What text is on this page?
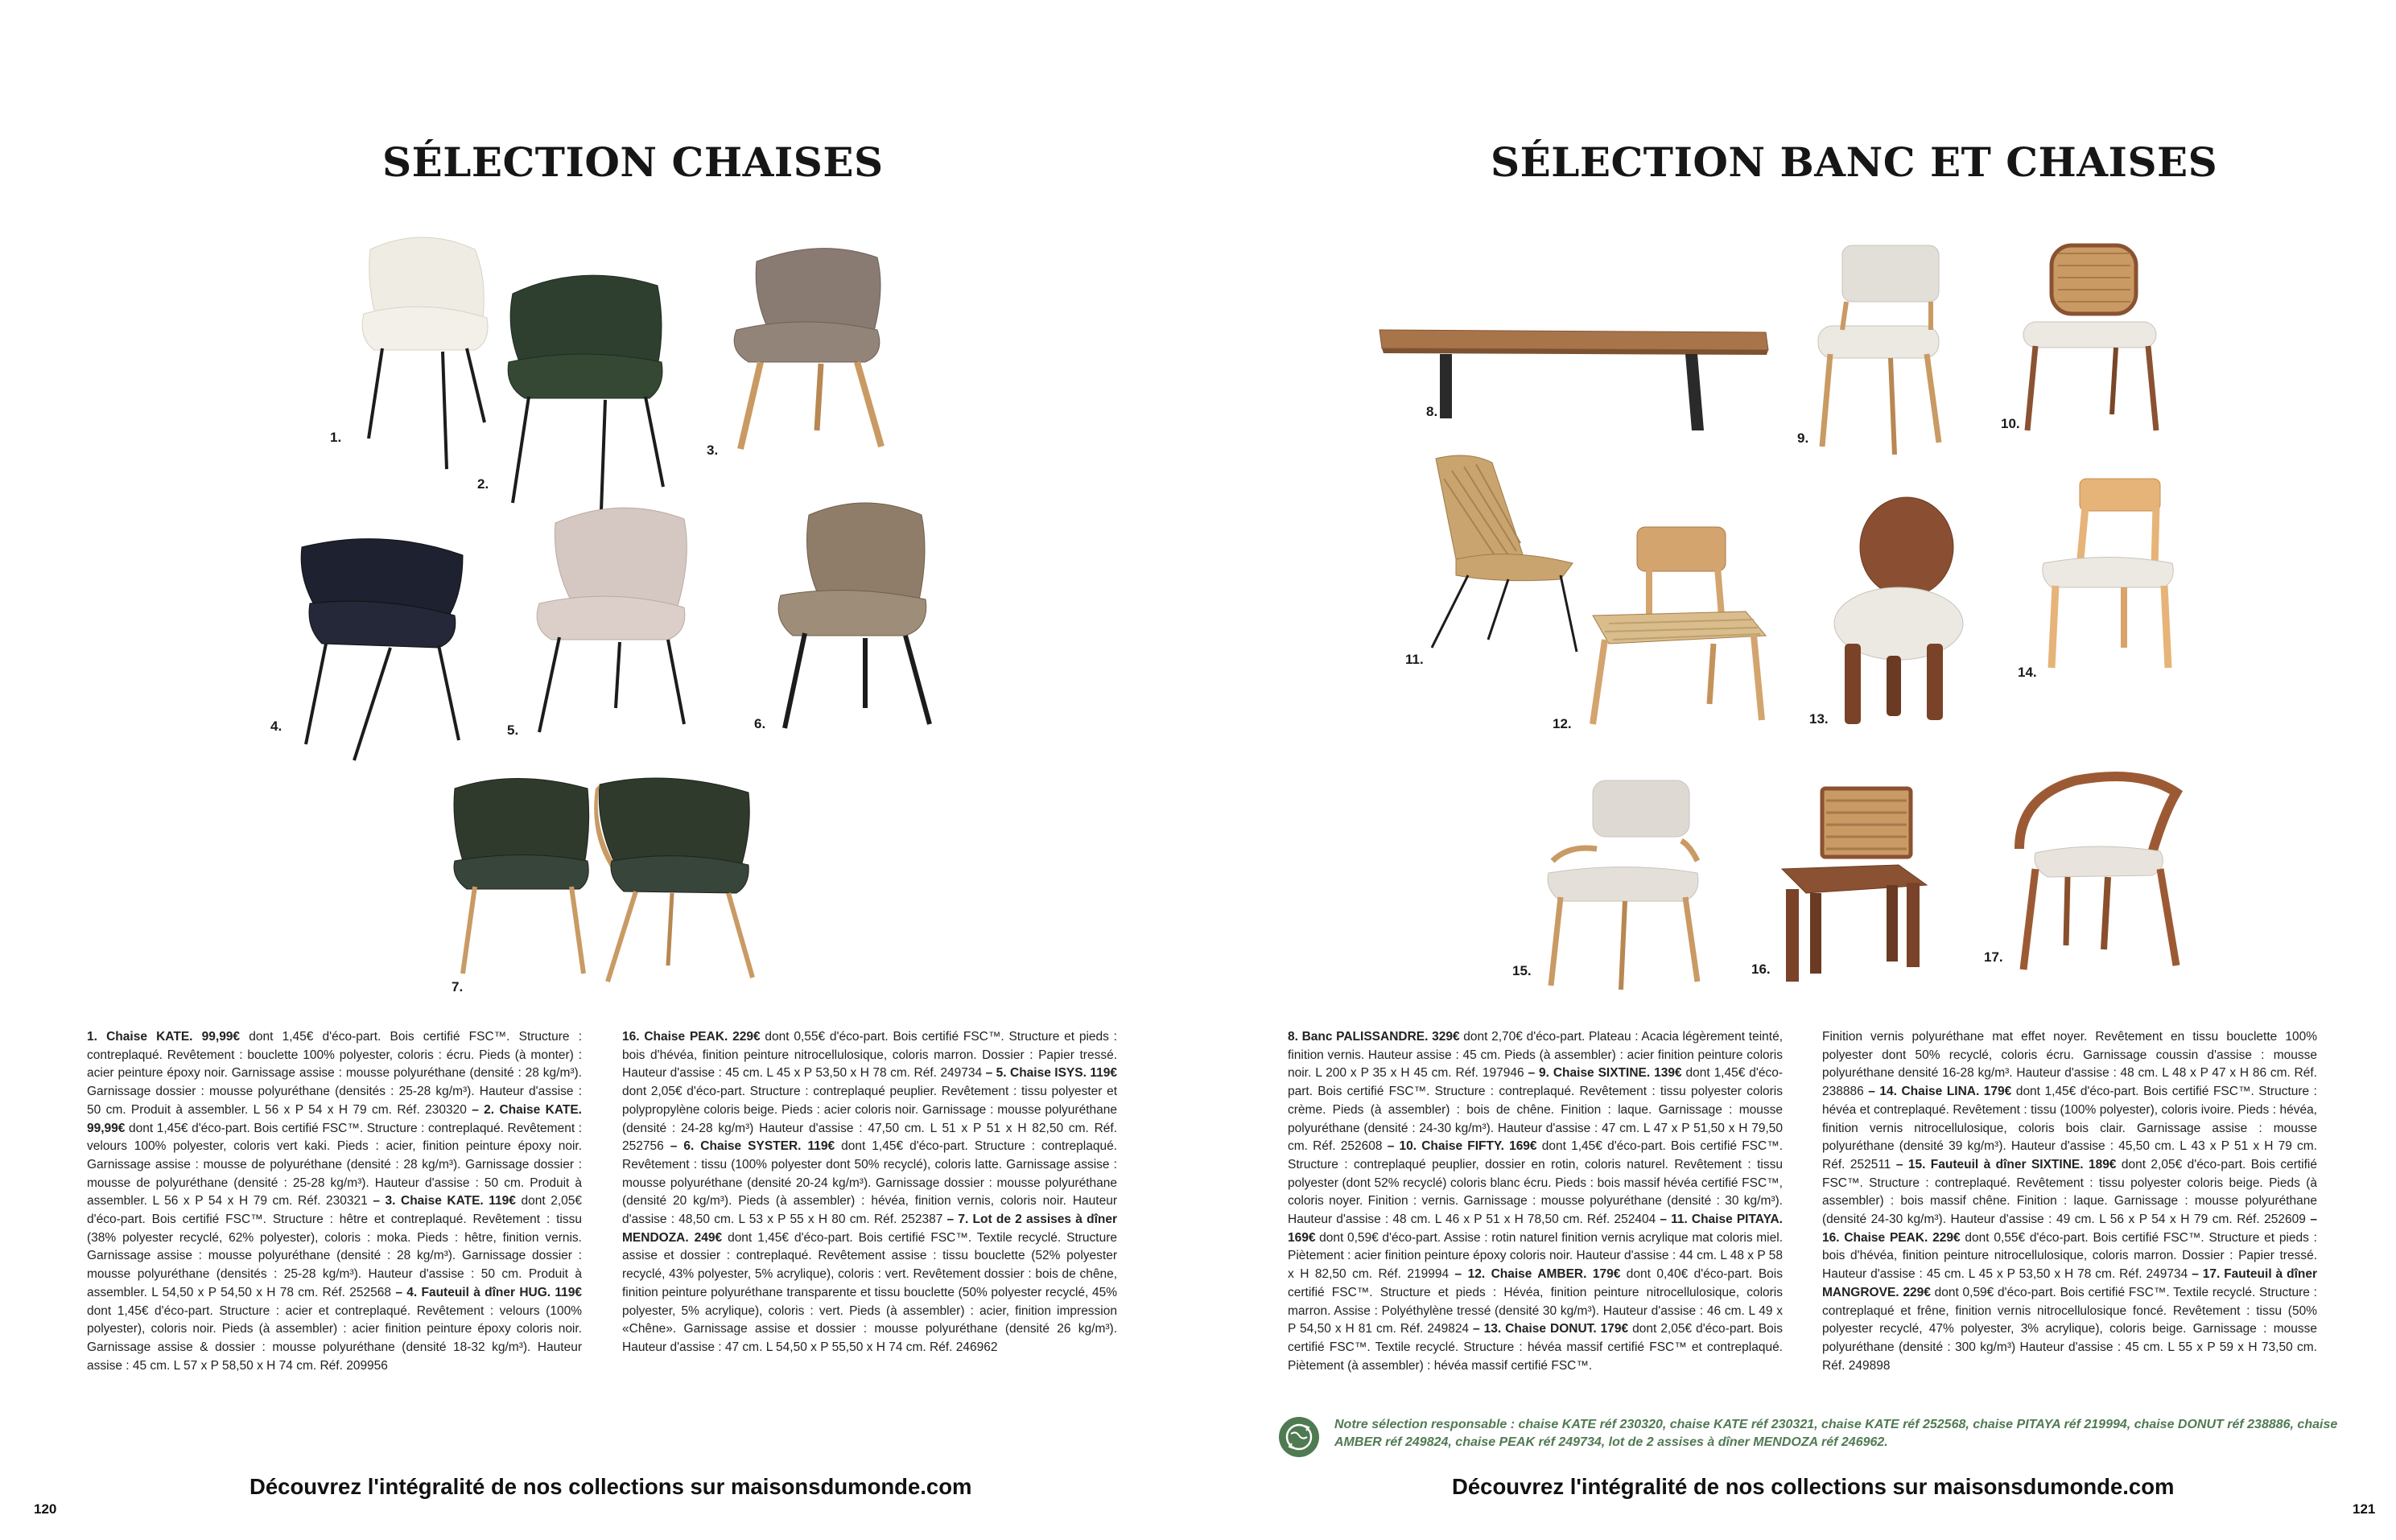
SÉLECTION CHAISES
1.
2.
3.
4.	5.	6.
7.

1. Chaise KATE. 99,99€ dont 1,45€ d'éco-part. Bois certifié FSC™. Structure : contreplaqué. Revêtement : bouclette 100% polyester, coloris : écru. Pieds (à monter) : acier peinture époxy noir. Garnissage assise : mousse polyuréthane (densité : 28 kg/m³). Garnissage dossier : mousse polyuréthane (densités : 25-28 kg/m³). Hauteur d'assise : 50 cm. Produit à assembler. L 56 x P 54 x H 79 cm. Réf. 230320 – 2. Chaise KATE. 99,99€ dont 1,45€ d'éco-part. Bois certifié FSC™. Structure : contreplaqué. Revêtement : velours 100% polyester, coloris vert kaki. Pieds : acier, finition peinture époxy noir. Garnissage assise : mousse de polyuréthane (densité : 28 kg/m³). Garnissage dossier : mousse de polyuréthane (densité : 25-28 kg/m³). Hauteur d'assise : 50 cm. Produit à assembler. L 56 x P 54 x H 79 cm. Réf. 230321 – 3. Chaise KATE. 119€ dont 2,05€ d'éco-part. Bois certifié FSC™. Structure : hêtre et contreplaqué. Revêtement : tissu (38% polyester recyclé, 62% polyester), coloris : moka. Pieds : hêtre, finition vernis. Garnissage assise : mousse polyuréthane (densité : 28 kg/m³). Garnissage dossier : mousse polyuréthane (densités : 25-28 kg/m³). Hauteur d'assise : 50 cm. Produit à assembler. L 54,50 x P 54,50 x H 78 cm. Réf. 252568 – 4. Fauteuil à dîner HUG. 119€ dont 1,45€ d'éco-part. Structure : acier et contreplaqué. Revêtement : velours (100% polyester), coloris noir. Pieds (à assembler) : acier finition peinture époxy coloris noir. Garnissage assise & dossier : mousse polyuréthane (densité 18-32 kg/m³). Hauteur assise : 45 cm. L 57 x P 58,50 x H 74 cm. Réf. 209956

16. Chaise PEAK. 229€ dont 0,55€ d'éco-part. Bois certifié FSC™. Structure et pieds : bois d'hévéa, finition peinture nitrocellulosique, coloris marron. Dossier : Papier tressé. Hauteur d'assise : 45 cm. L 45 x P 53,50 x H 78 cm. Réf. 249734 – 5. Chaise ISYS. 119€ dont 2,05€ d'éco-part. Structure : contreplaqué peuplier. Revêtement : tissu polyester et polypropylène coloris beige. Pieds : acier coloris noir. Garnissage : mousse polyuréthane (densité : 24-28 kg/m³) Hauteur d'assise : 47,50 cm. L 51 x P 51 x H 82,50 cm. Réf. 252756 – 6. Chaise SYSTER. 119€ dont 1,45€ d'éco-part. Structure : contreplaqué. Revêtement : tissu (100% polyester dont 50% recyclé), coloris latte. Garnissage assise : mousse polyuréthane (densité 20-24 kg/m³). Garnissage dossier : mousse polyuréthane (densité 20 kg/m³). Pieds (à assembler) : hévéa, finition vernis, coloris noir. Hauteur d'assise : 48,50 cm. L 53 x P 55 x H 80 cm. Réf. 252387 – 7. Lot de 2 assises à dîner MENDOZA. 249€ dont 1,45€ d'éco-part. Bois certifié FSC™. Textile recyclé. Structure assise et dossier : contreplaqué. Revêtement assise : tissu bouclette (52% polyester recyclé, 43% polyester, 5% acrylique), coloris : vert. Revêtement dossier : bois de chêne, finition peinture polyuréthane transparente et tissu bouclette (50% polyester recyclé, 45% polyester, 5% acrylique), coloris : vert. Pieds (à assembler) : acier, finition impression «Chêne». Garnissage assise et dossier : mousse polyuréthane (densité 26 kg/m³). Hauteur d'assise : 47 cm. L 54,50 x P 55,50 x H 74 cm. Réf. 246962

Découvrez l'intégralité de nos collections sur maisonsdumonde.com
120
SÉLECTION BANC ET CHAISES
8.
9.
10.
11.
12.	13.
14.
15.	16.
17.

8. Banc PALISSANDRE. 329€ dont 2,70€ d'éco-part. Plateau : Acacia légèrement teinté, finition vernis. Hauteur assise : 45 cm. Pieds (à assembler) : acier finition peinture coloris noir. L 200 x P 35 x H 45 cm. Réf. 197946 – 9. Chaise SIXTINE. 139€ dont 1,45€ d'éco-part. Bois certifié FSC™. Structure : contreplaqué. Revêtement : tissu polyester coloris crème. Pieds (à assembler) : bois de chêne. Finition : laque. Garnissage : mousse polyuréthane (densité : 24-30 kg/m³). Hauteur d'assise : 47 cm. L 47 x P 51,50 x H 79,50 cm. Réf. 252608 – 10. Chaise FIFTY. 169€ dont 1,45€ d'éco-part. Bois certifié FSC™. Structure : contreplaqué peuplier, dossier en rotin, coloris naturel. Revêtement : tissu polyester (dont 52% recyclé) coloris blanc écru. Pieds : bois massif hévéa certifié FSC™, coloris noyer. Finition : vernis. Garnissage : mousse polyuréthane (densité : 30 kg/m³). Hauteur d'assise : 48 cm. L 46 x P 51 x H 78,50 cm. Réf. 252404 – 11. Chaise PITAYA. 169€ dont 0,59€ d'éco-part. Assise : rotin naturel finition vernis acrylique mat coloris miel. Piètement : acier finition peinture époxy coloris noir. Hauteur d'assise : 44 cm. L 48 x P 58 x H 82,50 cm. Réf. 219994 – 12. Chaise AMBER. 179€ dont 0,40€ d'éco-part. Bois certifié FSC™. Structure et pieds : Hévéa, finition peinture nitrocellulosique, coloris marron. Assise : Polyéthylène tressé (densité 30 kg/m³). Hauteur d'assise : 46 cm. L 49 x P 54,50 x H 81 cm. Réf. 249824 – 13. Chaise DONUT. 179€ dont 2,05€ d'éco-part. Bois certifié FSC™. Textile recyclé. Structure : hévéa massif certifié FSC™ et contreplaqué. Piètement (à assembler) : hévéa massif certifié FSC™.

Finition vernis polyuréthane mat effet noyer. Revêtement en tissu bouclette 100% polyester dont 50% recyclé, coloris écru. Garnissage coussin d'assise : mousse polyuréthane densité 16-28 kg/m³. Hauteur d'assise : 48 cm. L 48 x P 47 x H 86 cm. Réf. 238886 – 14. Chaise LINA. 179€ dont 1,45€ d'éco-part. Bois certifié FSC™. Structure : hévéa et contreplaqué. Revêtement : tissu (100% polyester), coloris ivoire. Pieds : hévéa, finition vernis nitrocellulosique, coloris bois clair. Garnissage assise : mousse polyuréthane (densité 39 kg/m³). Hauteur d'assise : 45,50 cm. L 43 x P 51 x H 79 cm. Réf. 252511 – 15. Fauteuil à dîner SIXTINE. 189€ dont 2,05€ d'éco-part. Bois certifié FSC™. Structure : contreplaqué. Revêtement : tissu polyester coloris beige. Pieds (à assembler) : bois massif chêne. Finition : laque. Garnissage : mousse polyuréthane (densité 24-30 kg/m³). Hauteur d'assise : 49 cm. L 56 x P 54 x H 79 cm. Réf. 252609 – 16. Chaise PEAK. 229€ dont 0,55€ d'éco-part. Bois certifié FSC™. Structure et pieds : bois d'hévéa, finition peinture nitrocellulosique, coloris marron. Dossier : Papier tressé. Hauteur d'assise : 45 cm. L 45 x P 53,50 x H 78 cm. Réf. 249734 – 17. Fauteuil à dîner MANGROVE. 229€ dont 0,59€ d'éco-part. Bois certifié FSC™. Textile recyclé. Structure : contreplaqué et frêne, finition vernis nitrocellulosique foncé. Revêtement : tissu (50% polyester recyclé, 47% polyester, 3% acrylique), coloris beige. Garnissage : mousse polyuréthane (densité : 300 kg/m³) Hauteur d'assise : 45 cm. L 55 x P 59 x H 73,50 cm. Réf. 249898

Découvrez l'intégralité de nos collections sur maisonsdumonde.com
121
Notre sélection responsable : chaise KATE réf 230320, chaise KATE réf 230321, chaise KATE réf 252568, chaise PITAYA réf 219994, chaise DONUT réf 238886, chaise AMBER réf 249824, chaise PEAK réf 249734, lot de 2 assises à dîner MENDOZA réf 246962.
